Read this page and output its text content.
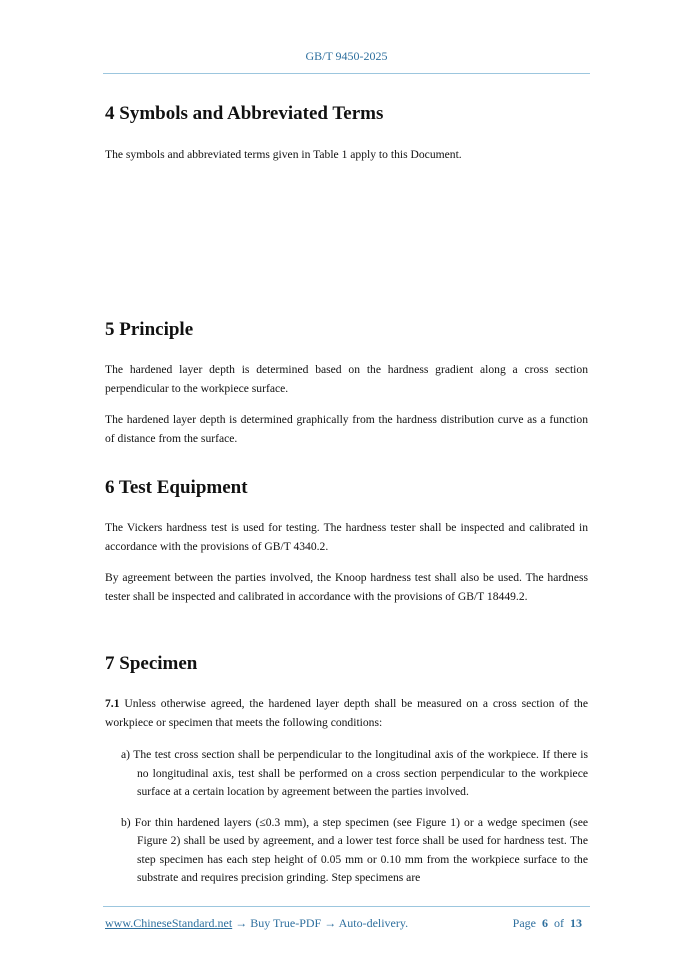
GB/T 9450-2025
4 Symbols and Abbreviated Terms

The symbols and abbreviated terms given in Table 1 apply to this Document.

5 Principle

The hardened layer depth is determined based on the hardness gradient along a cross section perpendicular to the workpiece surface.

The hardened layer depth is determined graphically from the hardness distribution curve as a function of distance from the surface.

6 Test Equipment

The Vickers hardness test is used for testing. The hardness tester shall be inspected and calibrated in accordance with the provisions of GB/T 4340.2.

By agreement between the parties involved, the Knoop hardness test shall also be used. The hardness tester shall be inspected and calibrated in accordance with the provisions of GB/T 18449.2.

7 Specimen

7.1 Unless otherwise agreed, the hardened layer depth shall be measured on a cross section of the workpiece or specimen that meets the following conditions:

a) The test cross section shall be perpendicular to the longitudinal axis of the workpiece. If there is no longitudinal axis, test shall be performed on a cross section perpendicular to the workpiece surface at a certain location by agreement between the parties involved.

b) For thin hardened layers (≤0.3 mm), a step specimen (see Figure 1) or a wedge specimen (see Figure 2) shall be used by agreement, and a lower test force shall be used for hardness test. The step specimen has each step height of 0.05 mm or 0.10 mm from the workpiece surface to the substrate and requires precision grinding. Step specimens are

www.ChineseStandard.net → Buy True-PDF → Auto-delivery.	Page 6 of 13
